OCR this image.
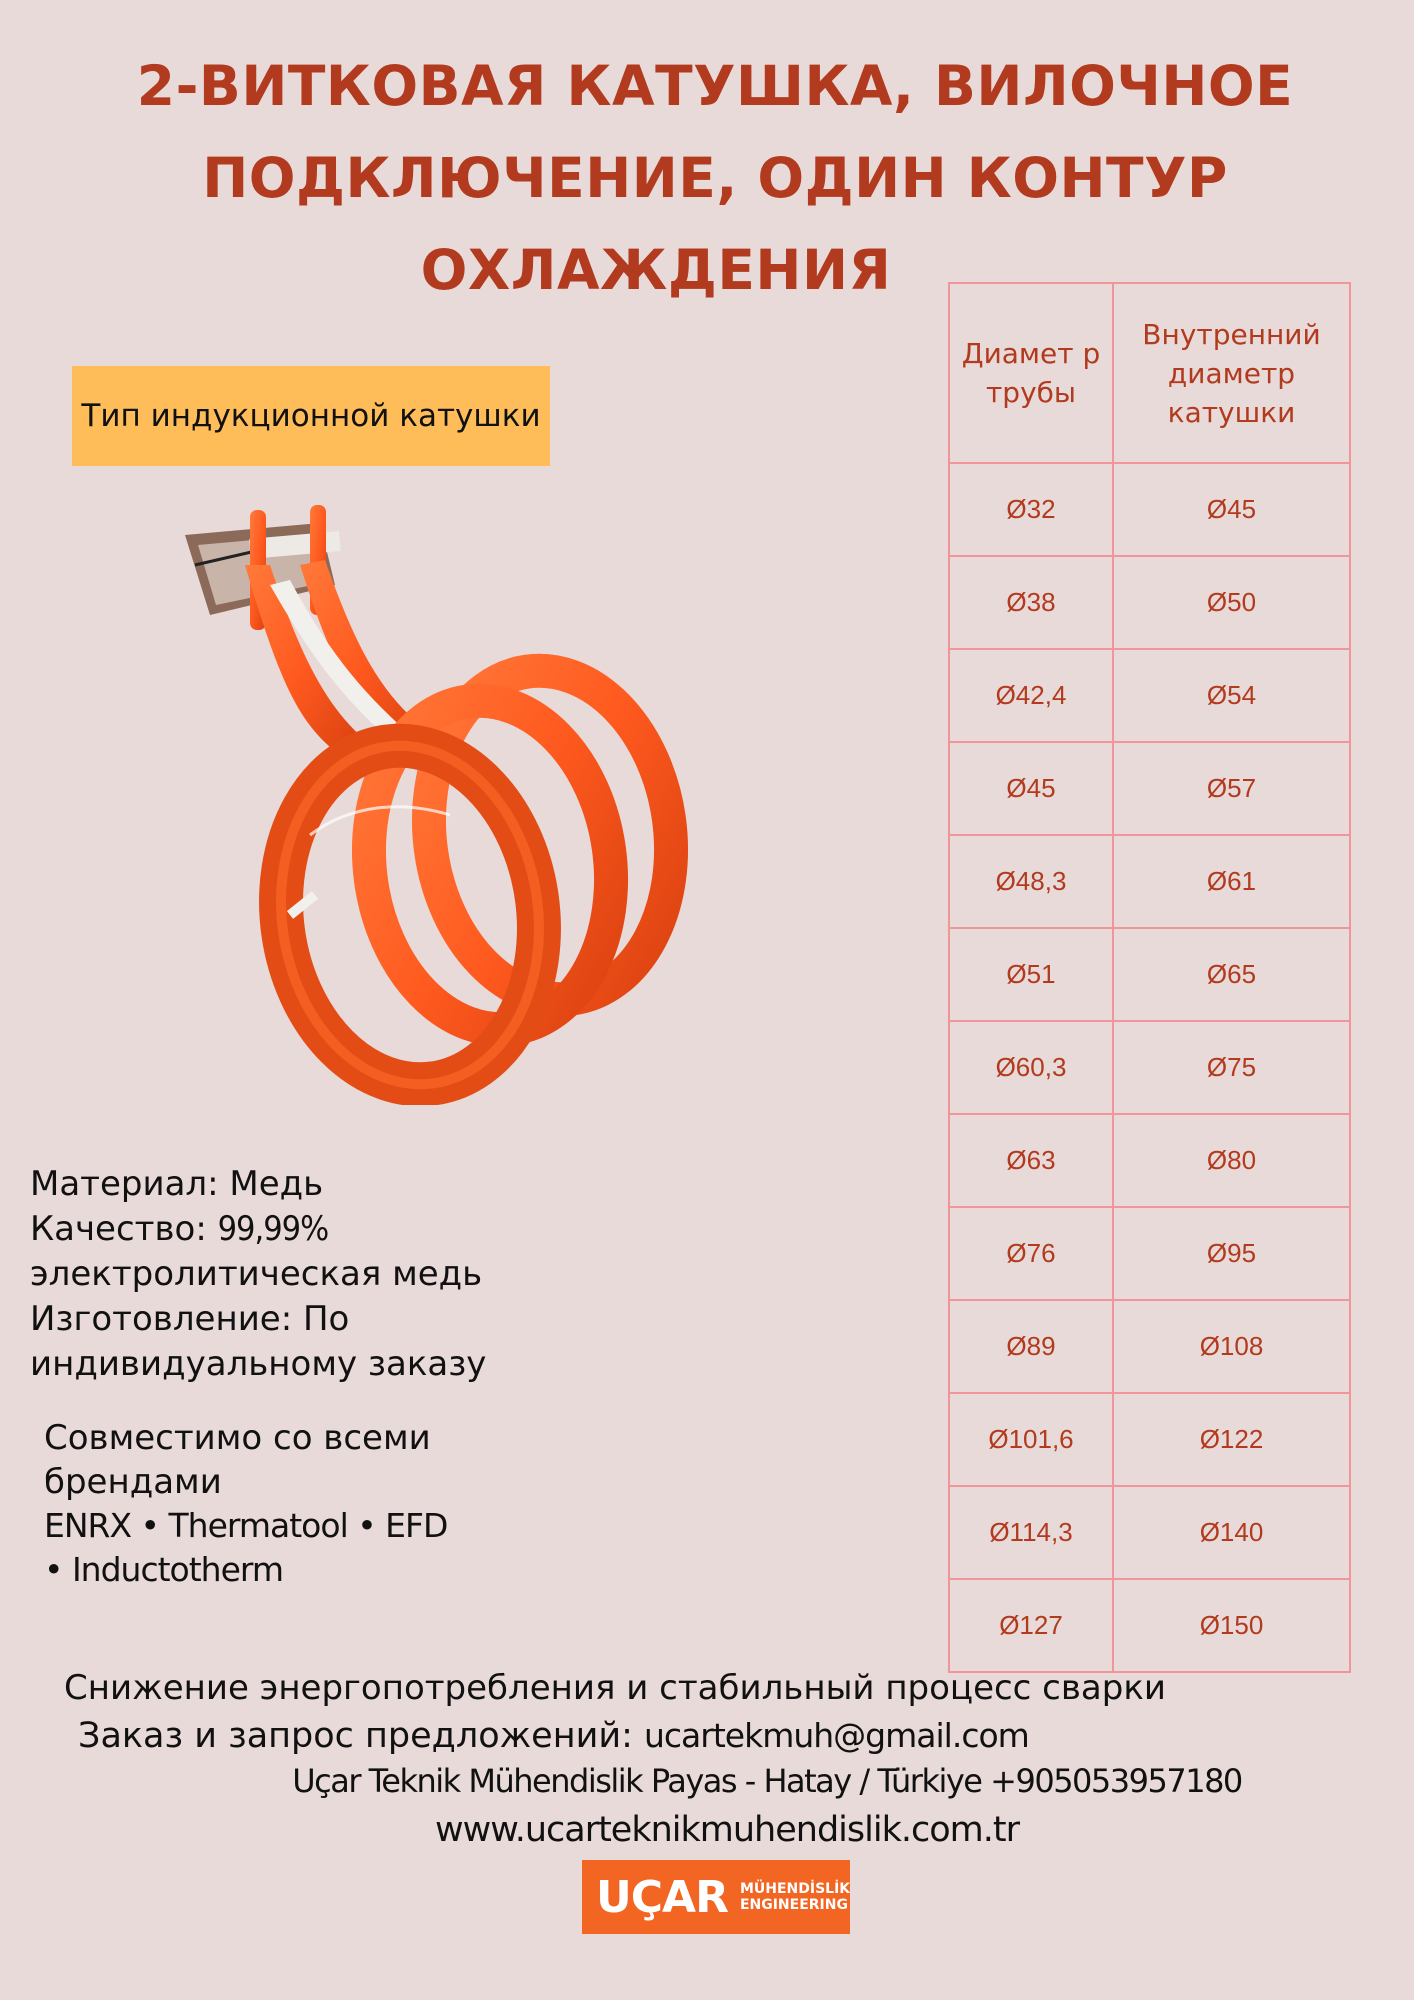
2-ВИТКОВАЯ КАТУШКА, ВИЛОЧНОЕ
ПОДКЛЮЧЕНИЕ, ОДИН КОНТУР
ОХЛАЖДЕНИЯ
Тип индукционной катушки
Диамет р трубы	Внутренний диаметр катушки
Ø32	Ø45
Ø38	Ø50
Ø42,4	Ø54
Ø45	Ø57
Ø48,3	Ø61
Ø51	Ø65
Ø60,3	Ø75
Ø63	Ø80
Ø76	Ø95
Ø89	Ø108
Ø101,6	Ø122
Ø114,3	Ø140
Ø127	Ø150
Материал: Медь
Качество: 99,99%
электролитическая медь
Изготовление: По индивидуальному заказу
Совместимо со всеми брендами
ENRX • Thermatool • EFD • Inductotherm
Снижение энергопотребления и стабильный процесс сварки
Заказ и запрос предложений: ucartekmuh@gmail.com
Uçar Teknik Mühendislik Payas - Hatay / Türkiye +905053957180
www.ucarteknikmuhendislik.com.tr
UÇAR MÜHENDİSLİK
ENGINEERING
